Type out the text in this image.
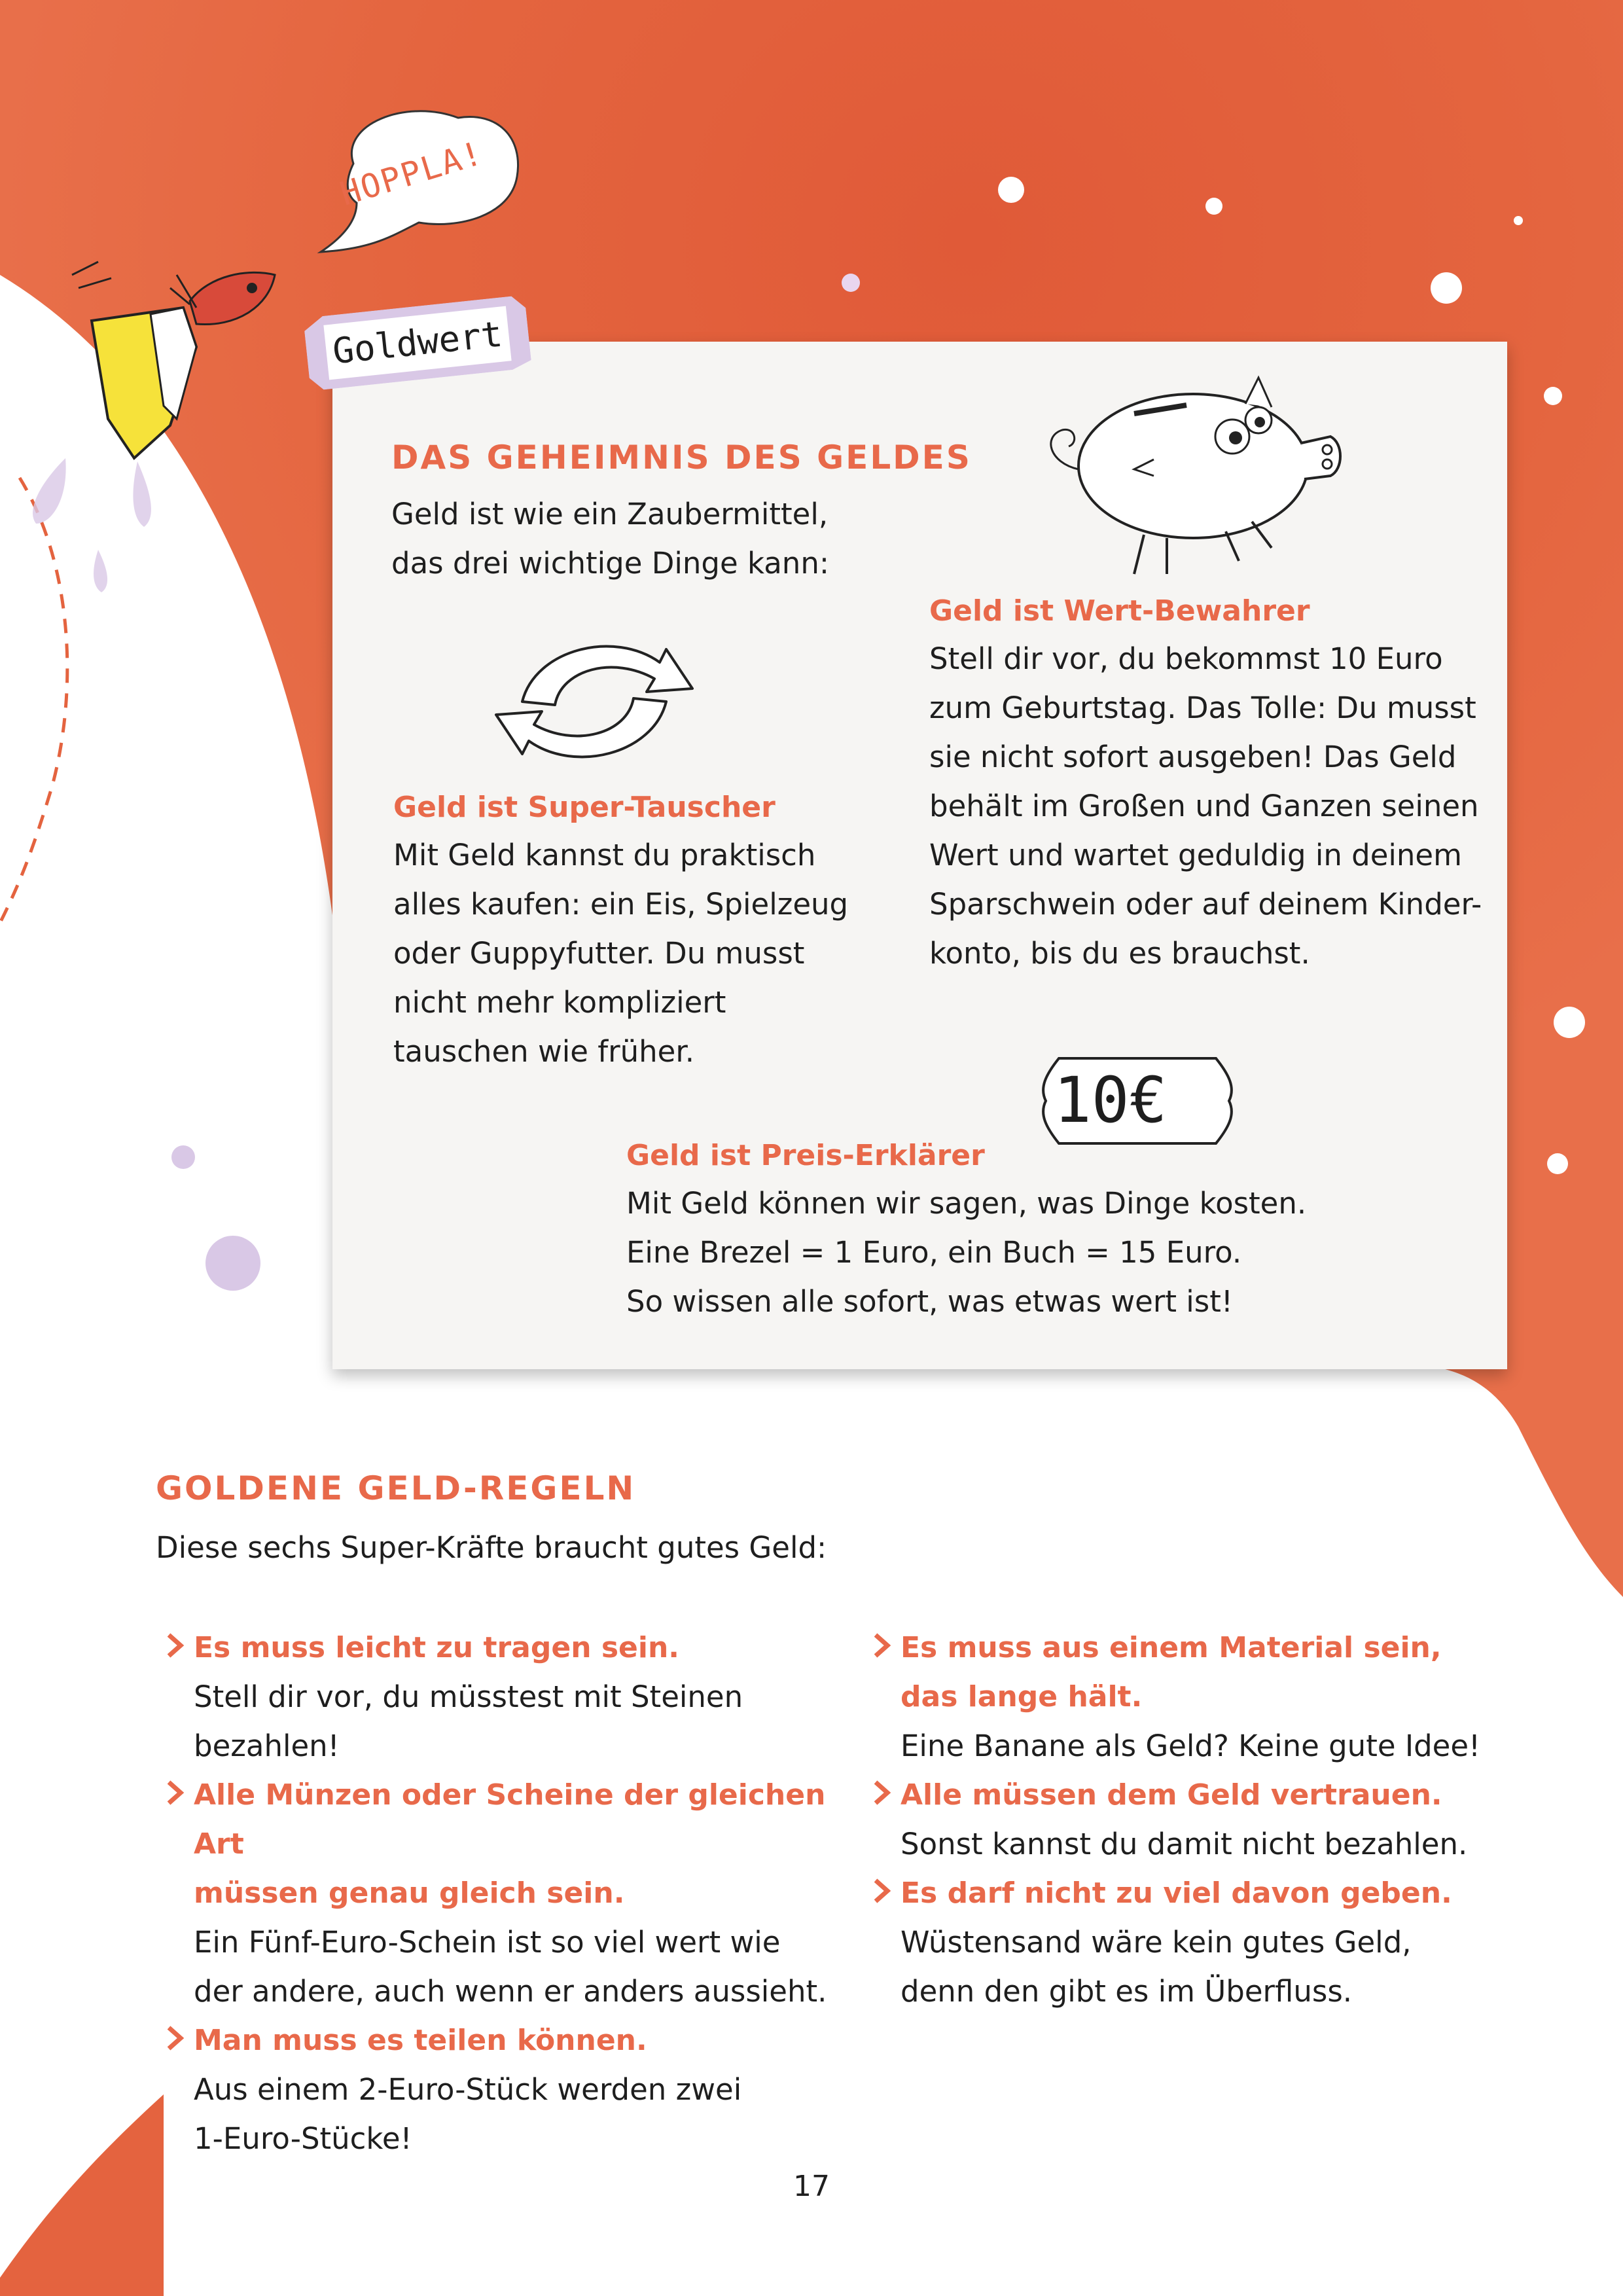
HOPPLA!
10€
Goldwert
DAS GEHEIMNIS DES GELDES
Geld ist wie ein Zaubermittel,
das drei wichtige Dinge kann:
Geld ist Wert-Bewahrer
Stell dir vor, du bekommst 10 Euro
zum Geburtstag. Das Tolle: Du musst
sie nicht sofort ausgeben! Das Geld
behält im Großen und Ganzen seinen
Wert und wartet geduldig in deinem
Sparschwein oder auf deinem Kinder-
konto, bis du es brauchst.
Geld ist Super-Tauscher
Mit Geld kannst du praktisch
alles kaufen: ein Eis, Spielzeug
oder Guppyfutter. Du musst
nicht mehr kompliziert
tauschen wie früher.
Geld ist Preis-Erklärer
Mit Geld können wir sagen, was Dinge kosten.
Eine Brezel = 1 Euro, ein Buch = 15 Euro.
So wissen alle sofort, was etwas wert ist!
GOLDENE GELD-REGELN
Diese sechs Super-Kräfte braucht gutes Geld:
Es muss leicht zu tragen sein.
Stell dir vor, du müsstest mit Steinen
bezahlen!
Alle Münzen oder Scheine der gleichen Art
müssen genau gleich sein.
Ein Fünf-Euro-Schein ist so viel wert wie
der andere, auch wenn er anders aussieht.
Man muss es teilen können.
Aus einem 2-Euro-Stück werden zwei
1-Euro-Stücke!
Es muss aus einem Material sein,
das lange hält.
Eine Banane als Geld? Keine gute Idee!
Alle müssen dem Geld vertrauen.
Sonst kannst du damit nicht bezahlen.
Es darf nicht zu viel davon geben.
Wüstensand wäre kein gutes Geld,
denn den gibt es im Überfluss.
17
